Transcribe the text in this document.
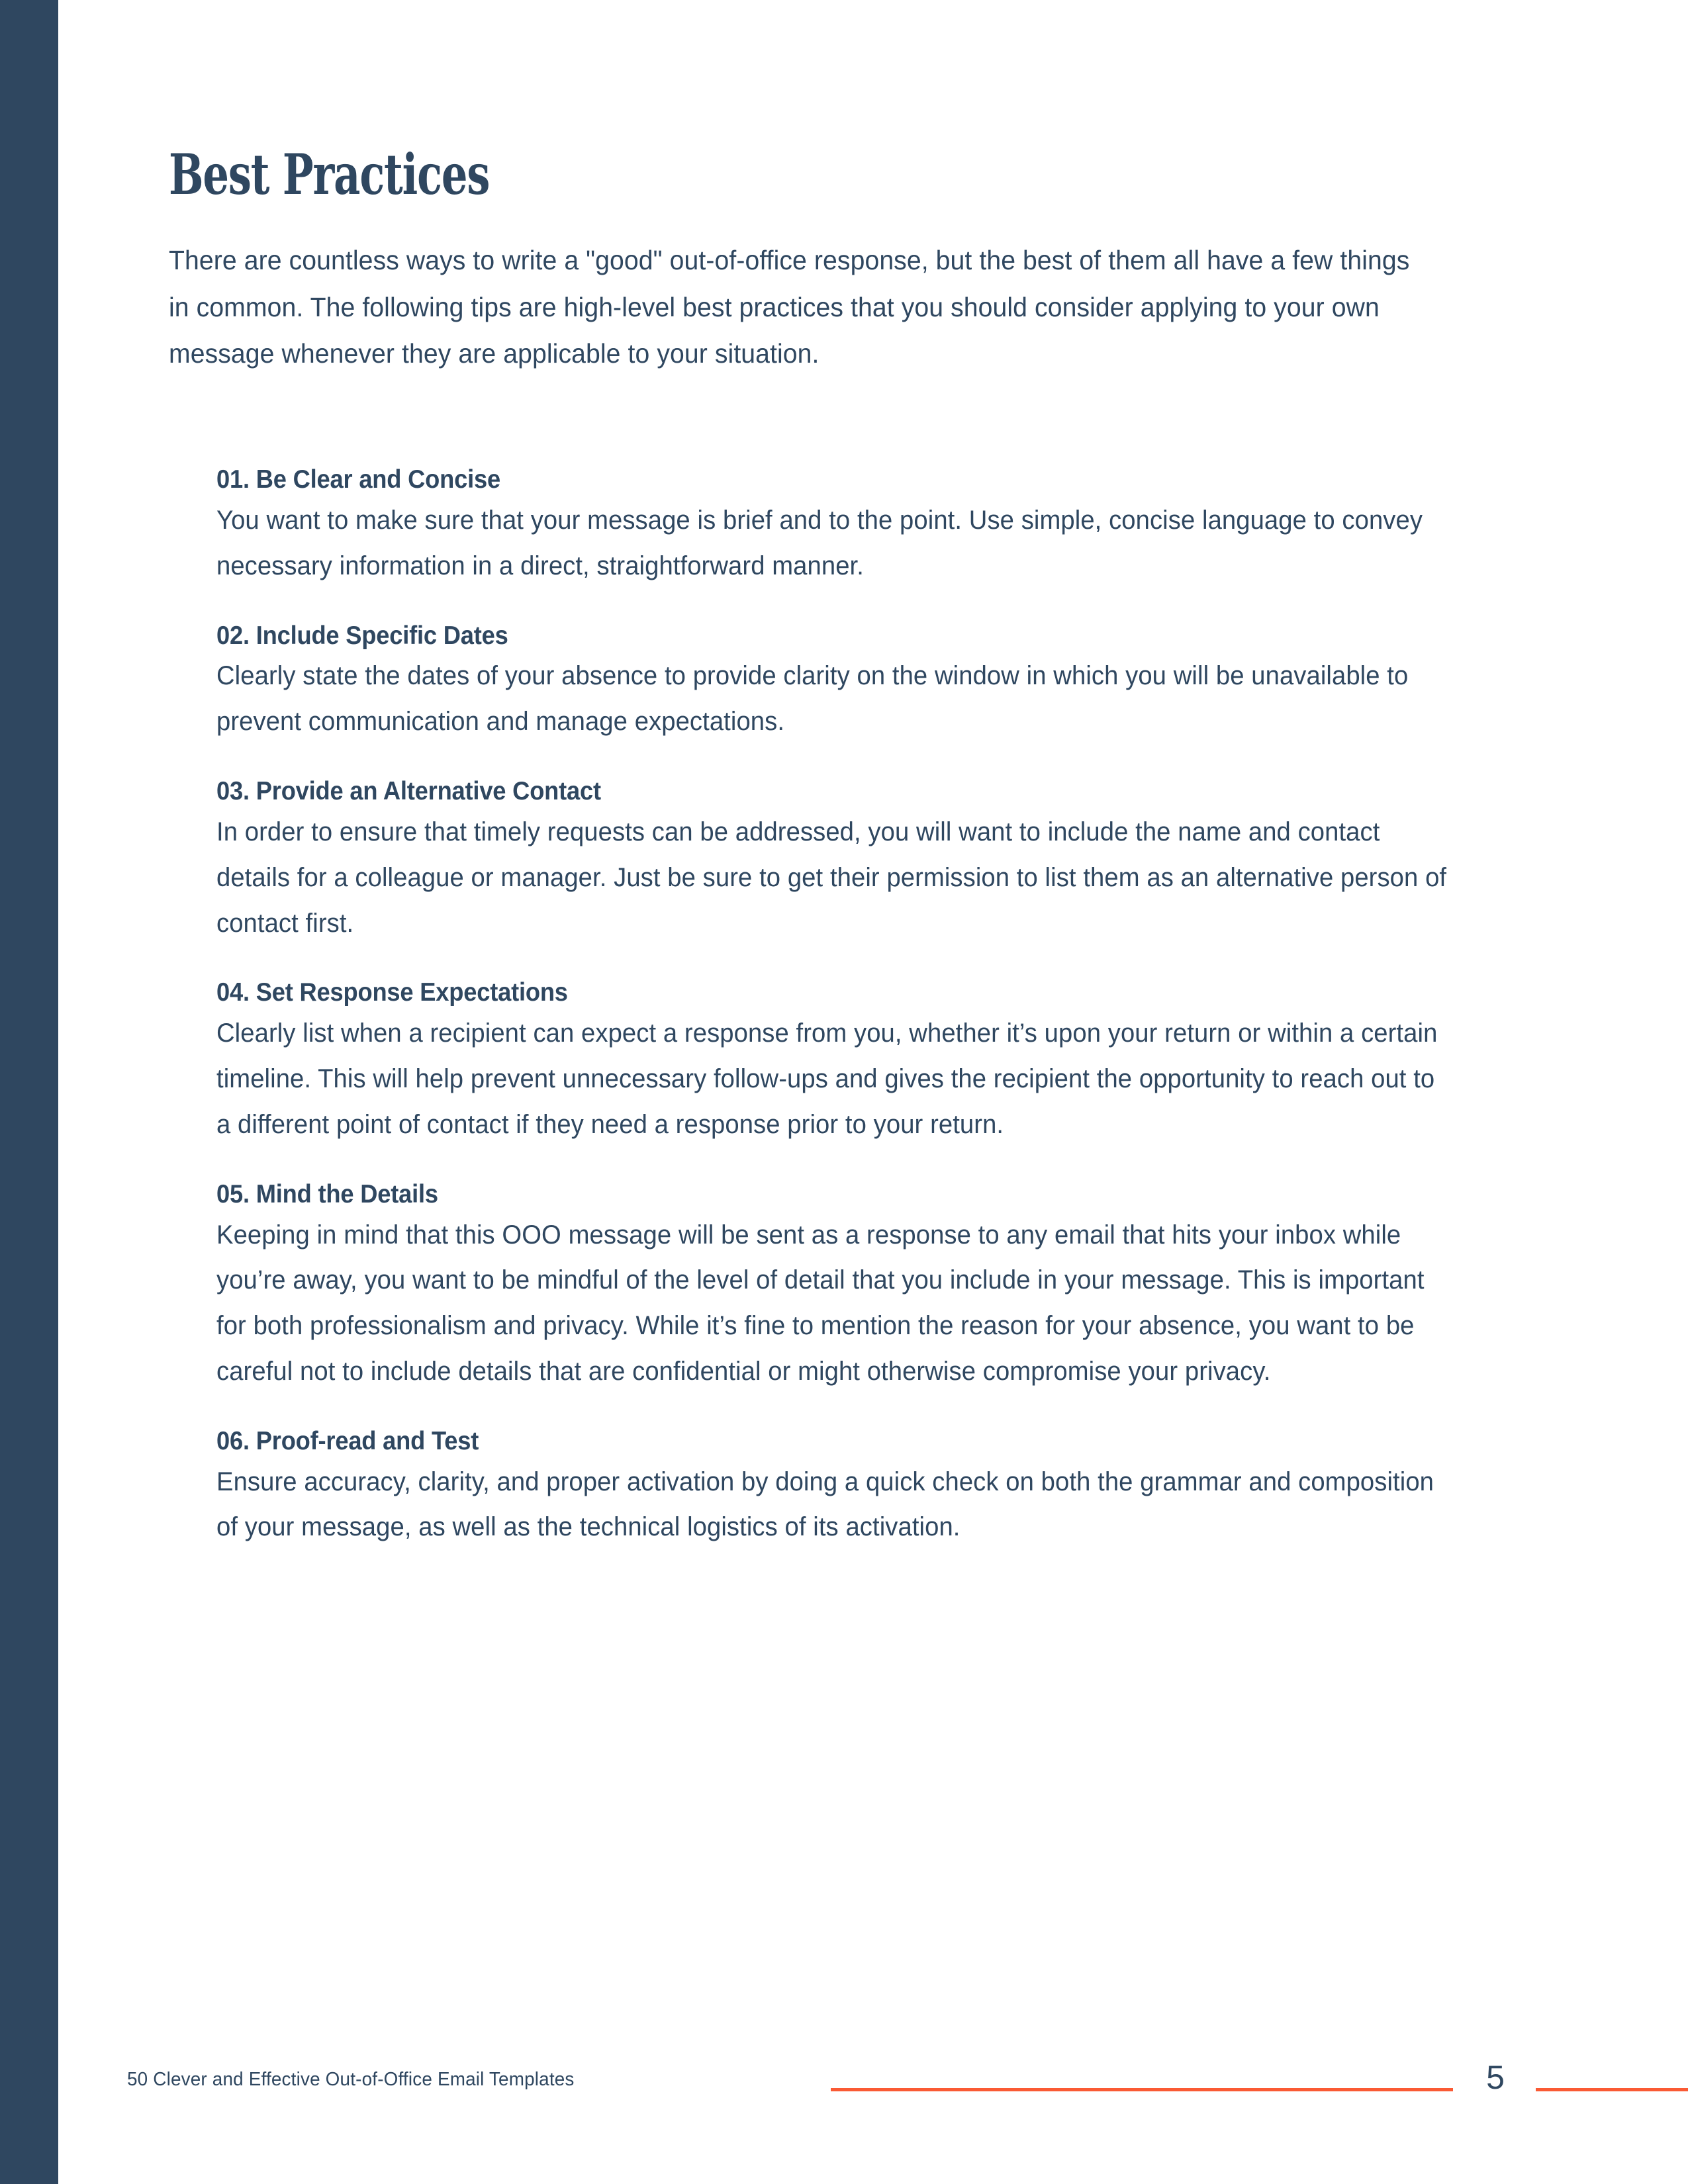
Best Practices

There are countless ways to write a "good" out-of-office response, but the best of them all have a few things in common. The following tips are high-level best practices that you should consider applying to your own message whenever they are applicable to your situation.

01. Be Clear and Concise

You want to make sure that your message is brief and to the point. Use simple, concise language to convey necessary information in a direct, straightforward manner.

02. Include Specific Dates

Clearly state the dates of your absence to provide clarity on the window in which you will be unavailable to prevent communication and manage expectations.

03. Provide an Alternative Contact

In order to ensure that timely requests can be addressed, you will want to include the name and contact details for a colleague or manager. Just be sure to get their permission to list them as an alternative person of contact first.

04. Set Response Expectations

Clearly list when a recipient can expect a response from you, whether it’s upon your return or within a certain timeline. This will help prevent unnecessary follow-ups and gives the recipient the opportunity to reach out to a different point of contact if they need a response prior to your return.

05. Mind the Details

Keeping in mind that this OOO message will be sent as a response to any email that hits your inbox while you’re away, you want to be mindful of the level of detail that you include in your message. This is important for both professionalism and privacy. While it’s fine to mention the reason for your absence, you want to be careful not to include details that are confidential or might otherwise compromise your privacy.

06. Proof-read and Test

Ensure accuracy, clarity, and proper activation by doing a quick check on both the grammar and composition of your message, as well as the technical logistics of its activation.

50 Clever and Effective Out-of-Office Email Templates	5
